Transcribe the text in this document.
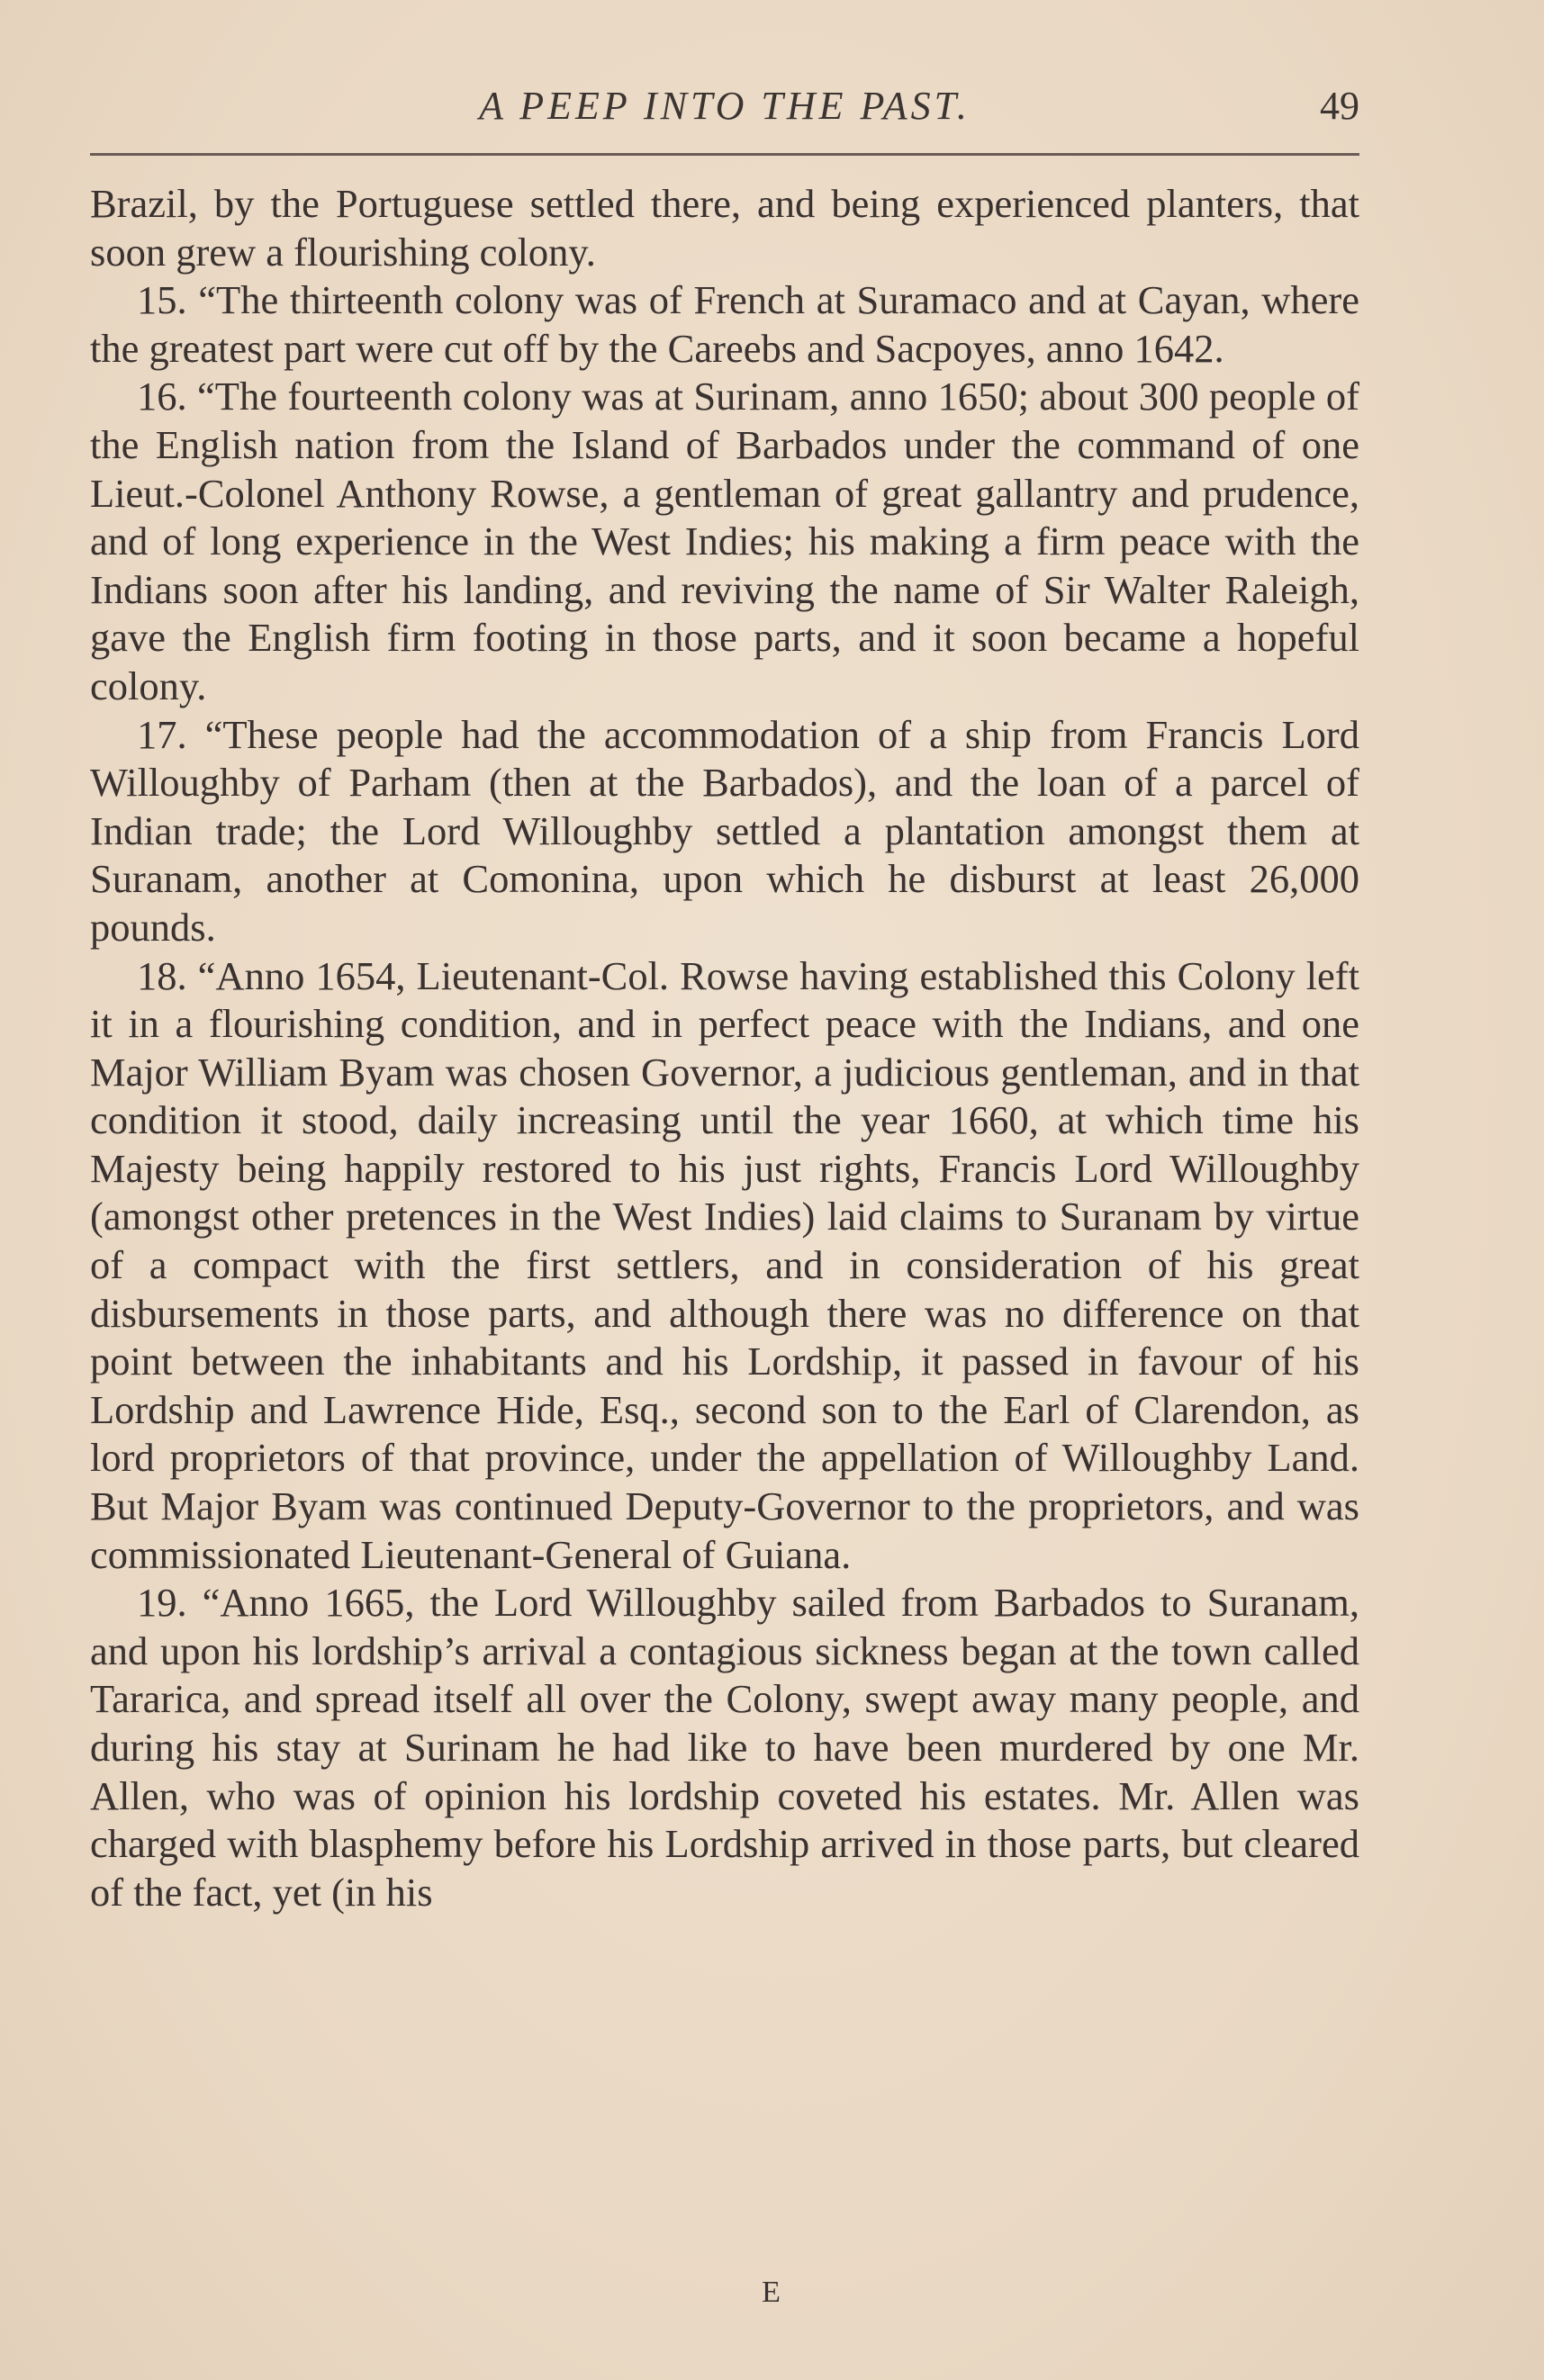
A PEEP INTO THE PAST.	49

Brazil, by the Portuguese settled there, and being experienced planters, that soon grew a flourishing colony.

15. “The thirteenth colony was of French at Suramaco and at Cayan, where the greatest part were cut off by the Careebs and Sacpoyes, anno 1642.

16. “The fourteenth colony was at Surinam, anno 1650; about 300 people of the English nation from the Island of Barbados under the command of one Lieut.-Colonel Anthony Rowse, a gentleman of great gallantry and prudence, and of long experience in the West Indies; his making a firm peace with the Indians soon after his landing, and reviving the name of Sir Walter Raleigh, gave the English firm footing in those parts, and it soon became a hopeful colony.

17. “These people had the accommodation of a ship from Francis Lord Willoughby of Parham (then at the Barbados), and the loan of a parcel of Indian trade; the Lord Willoughby settled a plantation amongst them at Suranam, another at Comonina, upon which he disburst at least 26,000 pounds.

18. “Anno 1654, Lieutenant-Col. Rowse having established this Colony left it in a flourishing condition, and in perfect peace with the Indians, and one Major William Byam was chosen Governor, a judicious gentleman, and in that condition it stood, daily increasing until the year 1660, at which time his Majesty being happily restored to his just rights, Francis Lord Willoughby (amongst other pretences in the West Indies) laid claims to Suranam by virtue of a compact with the first settlers, and in consideration of his great disbursements in those parts, and although there was no difference on that point between the inhabitants and his Lordship, it passed in favour of his Lordship and Lawrence Hide, Esq., second son to the Earl of Clarendon, as lord proprietors of that province, under the appellation of Willoughby Land. But Major Byam was continued Deputy-Governor to the proprietors, and was commissionated Lieutenant-General of Guiana.

19. “Anno 1665, the Lord Willoughby sailed from Barbados to Suranam, and upon his lordship’s arrival a contagious sickness began at the town called Tararica, and spread itself all over the Colony, swept away many people, and during his stay at Surinam he had like to have been murdered by one Mr. Allen, who was of opinion his lordship coveted his estates. Mr. Allen was charged with blasphemy before his Lordship arrived in those parts, but cleared of the fact, yet (in his

E
